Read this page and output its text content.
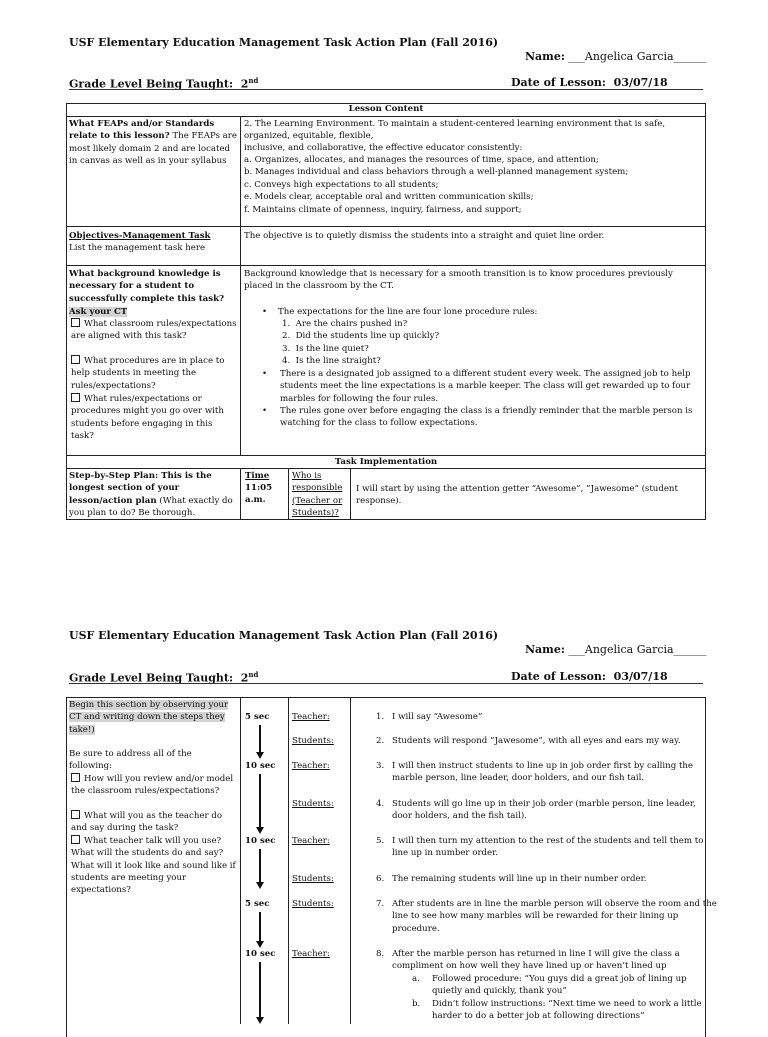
USF Elementary Education Management Task Action Plan (Fall 2016)
Name: ___Angelica Garcia______
Grade Level Being Taught: 2nd	Date of Lesson: 03/07/18
Lesson Content
What FEAPs and/or Standards relate to this lesson? The FEAPs are most likely domain 2 and are located in canvas as well as in your syllabus
2. The Learning Environment. To maintain a student-centered learning environment that is safe,
organized, equitable, flexible,
inclusive, and collaborative, the effective educator consistently:
a. Organizes, allocates, and manages the resources of time, space, and attention;
b. Manages individual and class behaviors through a well-planned management system;
c. Conveys high expectations to all students;
e. Models clear, acceptable oral and written communication skills;
f. Maintains climate of openness, inquiry, fairness, and support;
Objectives-Management Task
List the management task here
The objective is to quietly dismiss the students into a straight and quiet line order.
What background knowledge is necessary for a student to successfully complete this task?
Ask your CT
What classroom rules/expectations are aligned with this task?
What procedures are in place to help students in meeting the rules/expectations?
What rules/expectations or procedures might you go over with students before engaging in this task?
Background knowledge that is necessary for a smooth transition is to know procedures previously placed in the classroom by the CT.
• The expectations for the line are four lone procedure rules:
1.  Are the chairs pushed in?
2.  Did the students line up quickly?
3.  Is the line quiet?
4.  Is the line straight?
• There is a designated job assigned to a different student every week. The assigned job to help students meet the line expectations is a marble keeper. The class will get rewarded up to four marbles for following the four rules.
• The rules gone over before engaging the class is a friendly reminder that the marble person is watching for the class to follow expectations.
Task Implementation
Step-by-Step Plan: This is the longest section of your lesson/action plan (What exactly do you plan to do? Be thorough.
Time
11:05 a.m.
Who is responsible (Teacher or Students)?
I will start by using the attention getter “Awesome”, “Jawesome” (student response).
USF Elementary Education Management Task Action Plan (Fall 2016)
Name: ___Angelica Garcia______
Grade Level Being Taught: 2nd	Date of Lesson: 03/07/18
Begin this section by observing your CT and writing down the steps they take!)
Be sure to address all of the following:
How will you review and/or model the classroom rules/expectations?
What will you as the teacher do and say during the task?
What teacher talk will you use? What will the students do and say? What will it look like and sound like if students are meeting your expectations?
5 sec
10 sec
10 sec
5 sec
10 sec
Teacher:
Students:
Teacher:
Students:
Teacher:
Students:
Students:
Teacher:
1. I will say “Awesome”
2. Students will respond “Jawesome”, with all eyes and ears my way.
3. I will then instruct students to line up in job order first by calling the marble person, line leader, door holders, and our fish tail.
4. Students will go line up in their job order (marble person, line leader, door holders, and the fish tail).
5. I will then turn my attention to the rest of the students and tell them to line up in number order.
6. The remaining students will line up in their number order.
7. After students are in line the marble person will observe the room and the line to see how many marbles will be rewarded for their lining up procedure.
8. After the marble person has returned in line I will give the class a compliment on how well they have lined up or haven’t lined up
a. Followed procedure: “You guys did a great job of lining up quietly and quickly, thank you”
b. Didn’t follow instructions: “Next time we need to work a little harder to do a better job at following directions”
